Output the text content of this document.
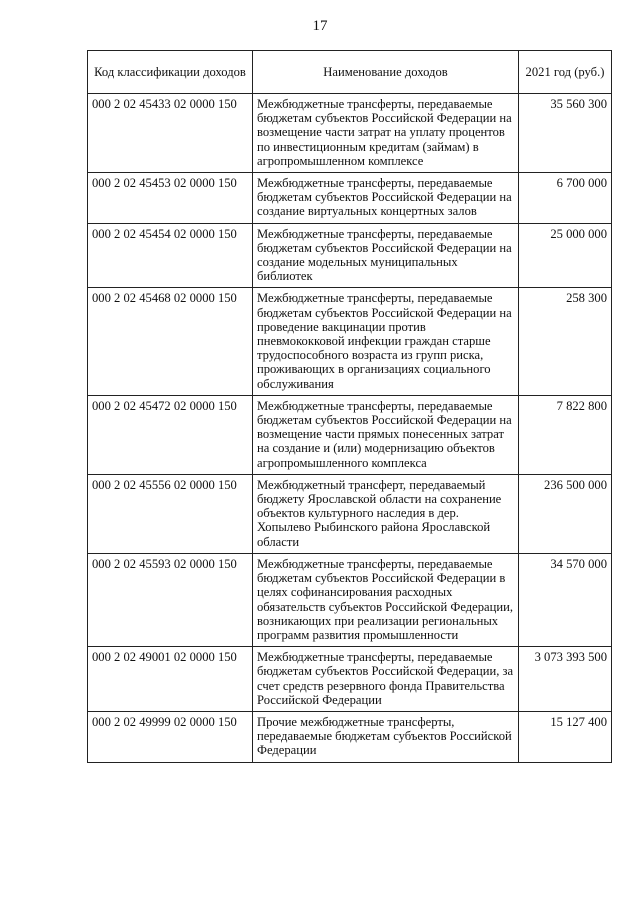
17
Код классификации доходов	Наименование доходов	2021 год (руб.)
000 2 02 45433 02 0000 150	Межбюджетные трансферты, передаваемые бюджетам субъектов Российской Федерации на возмещение части затрат на уплату процентов по инвестиционным кредитам (займам) в агропромышленном комплексе	35 560 300
000 2 02 45453 02 0000 150	Межбюджетные трансферты, передаваемые бюджетам субъектов Российской Федерации на создание виртуальных концертных залов	6 700 000
000 2 02 45454 02 0000 150	Межбюджетные трансферты, передаваемые бюджетам субъектов Российской Федерации на создание модельных муниципальных библиотек	25 000 000
000 2 02 45468 02 0000 150	Межбюджетные трансферты, передаваемые бюджетам субъектов Российской Федерации на проведение вакцинации против пневмококковой инфекции граждан старше трудоспособного возраста из групп риска, проживающих в организациях социального обслуживания	258 300
000 2 02 45472 02 0000 150	Межбюджетные трансферты, передаваемые бюджетам субъектов Российской Федерации на возмещение части прямых понесенных затрат на создание и (или) модернизацию объектов агропромышленного комплекса	7 822 800
000 2 02 45556 02 0000 150	Межбюджетный трансферт, передаваемый бюджету Ярославской области на сохранение объектов культурного наследия в дер. Хопылево Рыбинского района Ярославской области	236 500 000
000 2 02 45593 02 0000 150	Межбюджетные трансферты, передаваемые бюджетам субъектов Российской Федерации в целях софинансирования расходных обязательств субъектов Российской Федерации, возникающих при реализации региональных программ развития промышленности	34 570 000
000 2 02 49001 02 0000 150	Межбюджетные трансферты, передаваемые бюджетам субъектов Российской Федерации, за счет средств резервного фонда Правительства Российской Федерации	3 073 393 500
000 2 02 49999 02 0000 150	Прочие межбюджетные трансферты, передаваемые бюджетам субъектов Российской Федерации	15 127 400
